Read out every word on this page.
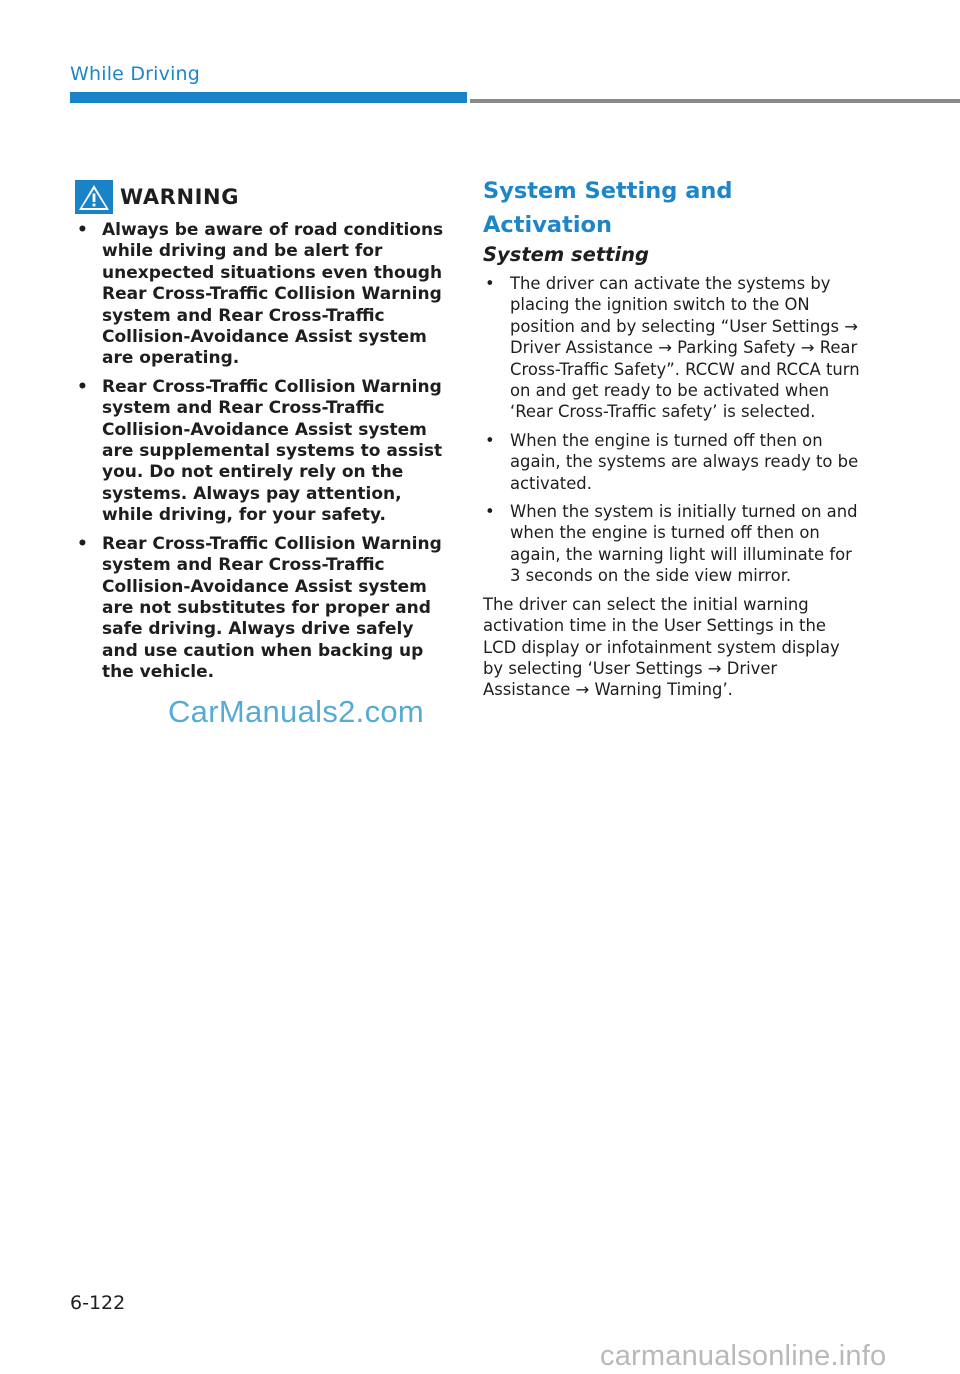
While Driving
WARNING
• Always be aware of road conditions while driving and be alert for unexpected situations even though Rear Cross-Traffic Collision Warning system and Rear Cross-Traffic Collision-Avoidance Assist system are operating.
• Rear Cross-Traffic Collision Warning system and Rear Cross-Traffic Collision-Avoidance Assist system are supplemental systems to assist you. Do not entirely rely on the systems. Always pay attention, while driving, for your safety.
• Rear Cross-Traffic Collision Warning system and Rear Cross-Traffic Collision-Avoidance Assist system are not substitutes for proper and safe driving. Always drive safely and use caution when backing up the vehicle.
System Setting and Activation
System setting
• The driver can activate the systems by placing the ignition switch to the ON position and by selecting “User Settings → Driver Assistance → Parking Safety → Rear Cross-Traffic Safety”. RCCW and RCCA turn on and get ready to be activated when ‘Rear Cross-Traffic safety’ is selected.
• When the engine is turned off then on again, the systems are always ready to be activated.
• When the system is initially turned on and when the engine is turned off then on again, the warning light will illuminate for 3 seconds on the side view mirror.

The driver can select the initial warning activation time in the User Settings in the LCD display or infotainment system display by selecting ‘User Settings → Driver Assistance → Warning Timing’.

CarManuals2.com
6-122
carmanualsonline.info
